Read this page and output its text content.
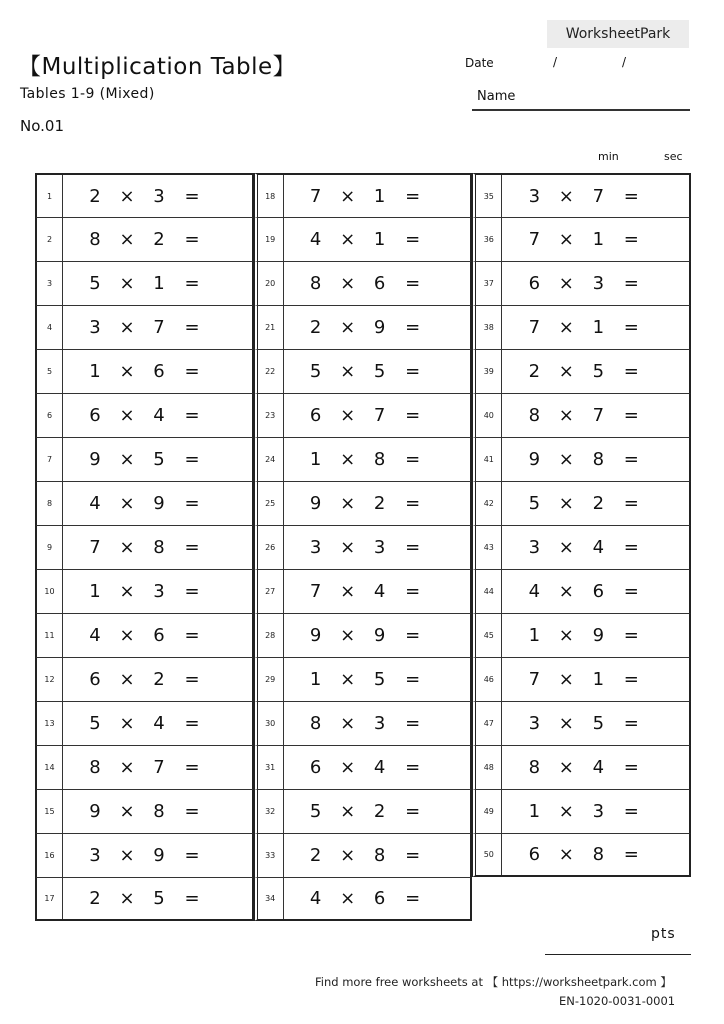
WorksheetPark
【Multiplication Table】
Tables 1-9 (Mixed)
No.01
Date	/	/
Name
min	sec
1	2	×	3	=
2	8	×	2	=
3	5	×	1	=
4	3	×	7	=
5	1	×	6	=
6	6	×	4	=
7	9	×	5	=
8	4	×	9	=
9	7	×	8	=
10	1	×	3	=
11	4	×	6	=
12	6	×	2	=
13	5	×	4	=
14	8	×	7	=
15	9	×	8	=
16	3	×	9	=
17	2	×	5	=
18	7	×	1	=
19	4	×	1	=
20	8	×	6	=
21	2	×	9	=
22	5	×	5	=
23	6	×	7	=
24	1	×	8	=
25	9	×	2	=
26	3	×	3	=
27	7	×	4	=
28	9	×	9	=
29	1	×	5	=
30	8	×	3	=
31	6	×	4	=
32	5	×	2	=
33	2	×	8	=
34	4	×	6	=
35	3	×	7	=
36	7	×	1	=
37	6	×	3	=
38	7	×	1	=
39	2	×	5	=
40	8	×	7	=
41	9	×	8	=
42	5	×	2	=
43	3	×	4	=
44	4	×	6	=
45	1	×	9	=
46	7	×	1	=
47	3	×	5	=
48	8	×	4	=
49	1	×	3	=
50	6	×	8	=
pts
Find more free worksheets at 【 https://worksheetpark.com 】
EN-1020-0031-0001
